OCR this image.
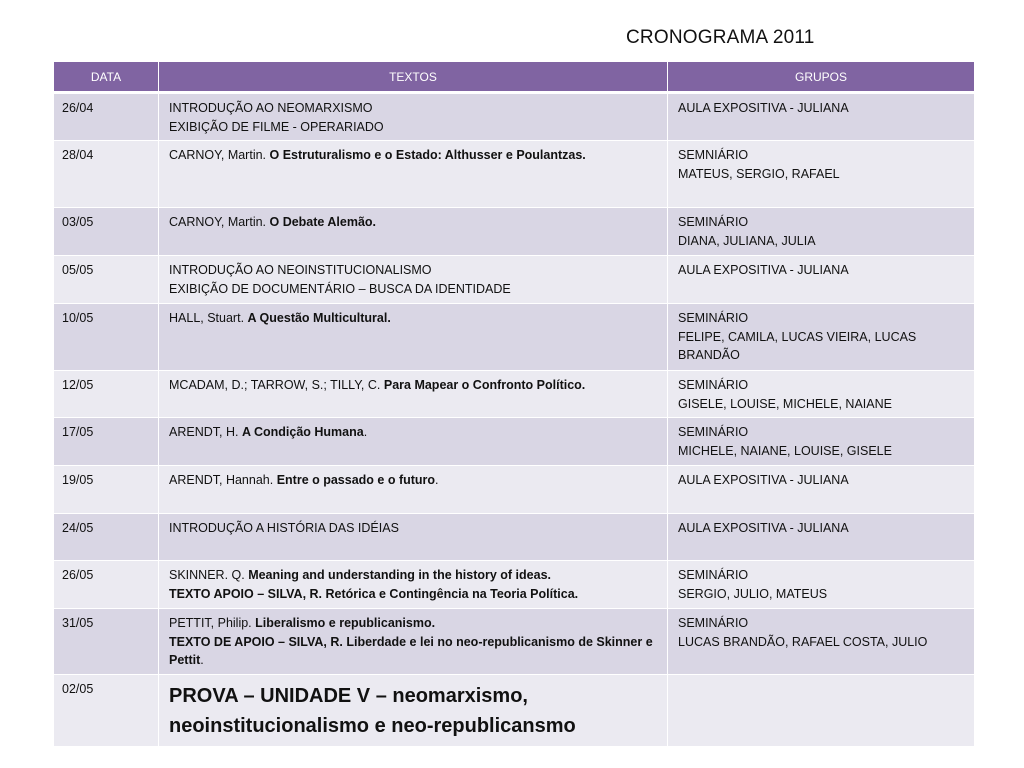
CRONOGRAMA 2011
DATA	TEXTOS	GRUPOS
26/04	INTRODUÇÃO AO NEOMARXISMO
EXIBIÇÃO DE FILME - OPERARIADO	AULA EXPOSITIVA - JULIANA

28/04	CARNOY, Martin. O Estruturalismo e o Estado: Althusser e Poulantzas.	SEMNIÁRIO
MATEUS, SERGIO, RAFAEL

03/05	CARNOY, Martin. O Debate Alemão.	SEMINÁRIO
DIANA, JULIANA, JULIA

05/05	INTRODUÇÃO AO NEOINSTITUCIONALISMO
EXIBIÇÃO DE DOCUMENTÁRIO – BUSCA DA IDENTIDADE	AULA EXPOSITIVA - JULIANA

10/05	HALL, Stuart. A Questão Multicultural.	SEMINÁRIO
FELIPE, CAMILA, LUCAS VIEIRA, LUCAS BRANDÃO

12/05	MCADAM, D.; TARROW, S.; TILLY, C. Para Mapear o Confronto Político.	SEMINÁRIO
GISELE, LOUISE, MICHELE, NAIANE

17/05	ARENDT, H. A Condição Humana.	SEMINÁRIO
MICHELE, NAIANE, LOUISE, GISELE

19/05	ARENDT, Hannah. Entre o passado e o futuro.	AULA EXPOSITIVA - JULIANA

24/05	INTRODUÇÃO A HISTÓRIA DAS IDÉIAS	AULA EXPOSITIVA - JULIANA

26/05	SKINNER. Q. Meaning and understanding in the history of ideas.
TEXTO APOIO – SILVA, R. Retórica e Contingência na Teoria Política.	SEMINÁRIO
SERGIO, JULIO, MATEUS

31/05	PETTIT, Philip. Liberalismo e republicanismo.
TEXTO DE APOIO – SILVA, R. Liberdade e lei no neo-republicanismo de Skinner e Pettit.	SEMINÁRIO
LUCAS BRANDÃO, RAFAEL COSTA, JULIO

02/05	PROVA – UNIDADE V – neomarxismo, neoinstitucionalismo e neo-republicansmo	
